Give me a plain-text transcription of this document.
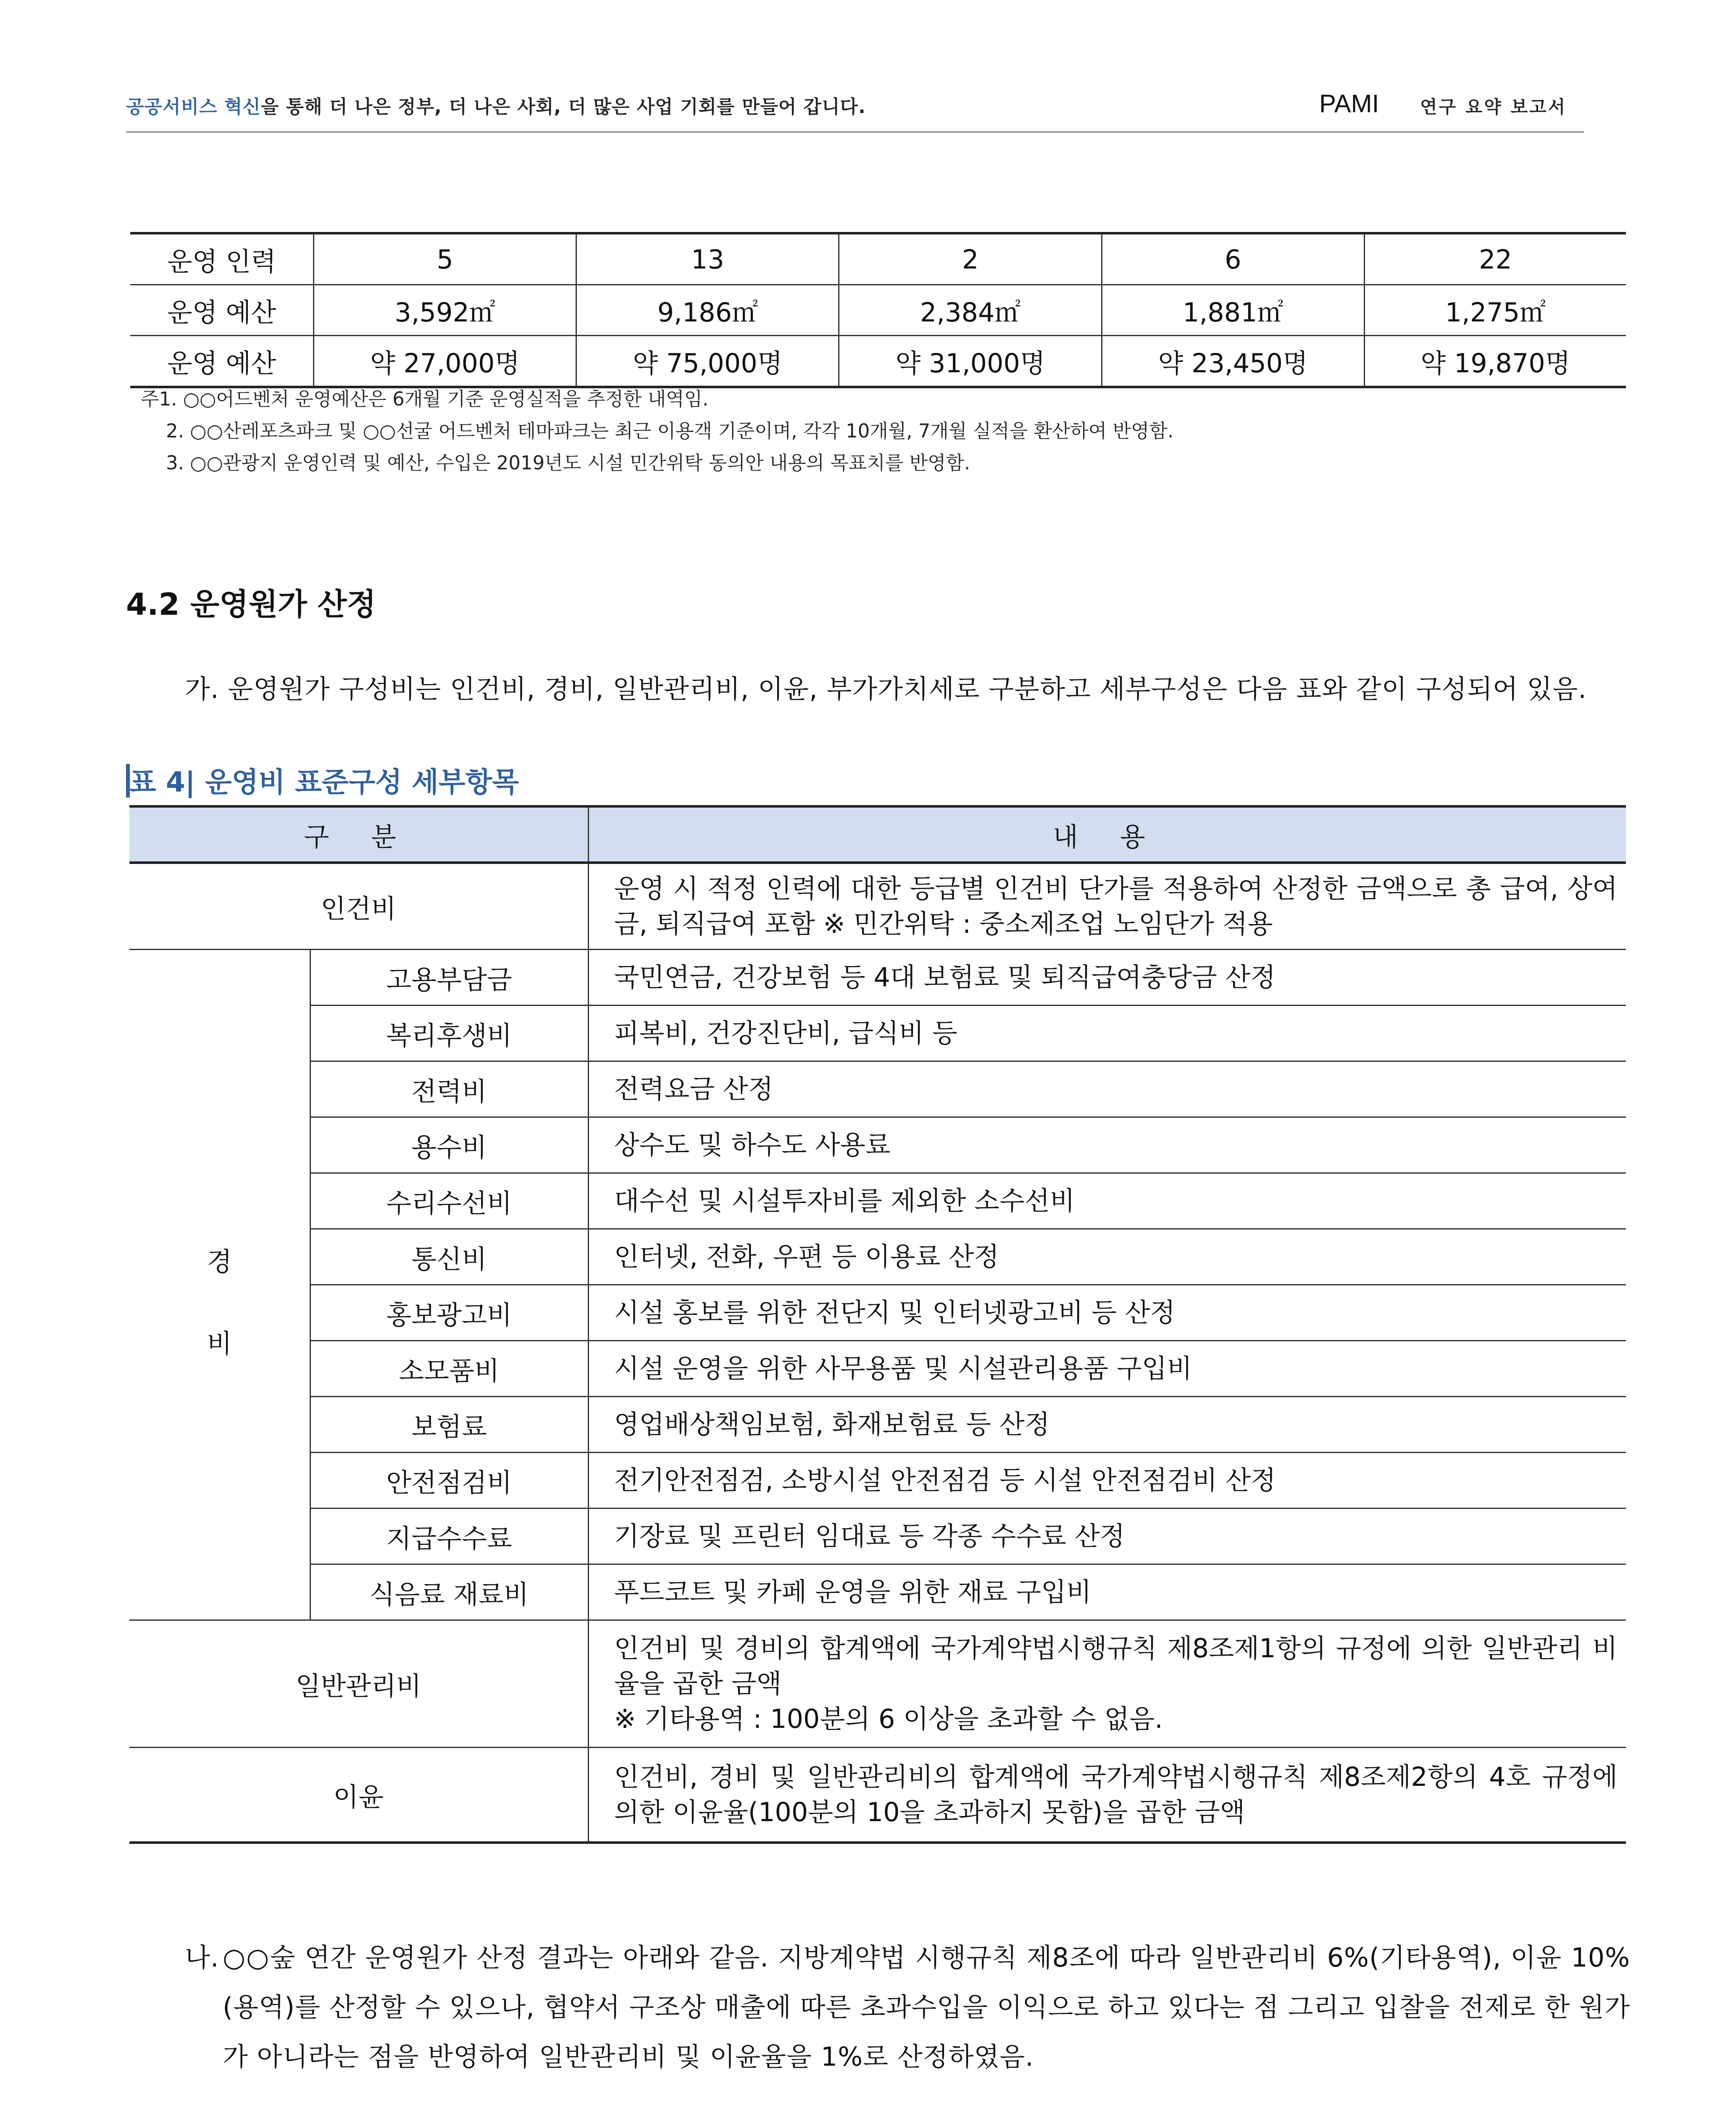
공공서비스 혁신을 통해 더 나은 정부, 더 나은 사회, 더 많은 사업 기회를 만들어 갑니다.	PAMI 연구 요약 보고서
운영 인력	5	13	2	6	22
운영 예산	3,592㎡	9,186㎡	2,384㎡	1,881㎡	1,275㎡
운영 예산	약 27,000명	약 75,000명	약 31,000명	약 23,450명	약 19,870명
주1. ○○어드벤처 운영예산은 6개월 기준 운영실적을 추정한 내역임.
2. ○○산레포츠파크 및 ○○선굴 어드벤처 테마파크는 최근 이용객 기준이며, 각각 10개월, 7개월 실적을 환산하여 반영함.
3. ○○관광지 운영인력 및 예산, 수입은 2019년도 시설 민간위탁 동의안 내용의 목표치를 반영함.
4.2 운영원가 산정
가. 운영원가 구성비는 인건비, 경비, 일반관리비, 이윤, 부가가치세로 구분하고 세부구성은 다음 표와 같이 구성되어 있음.
표 4| 운영비 표준구성 세부항목
구 분		내 용
인건비		운영 시 적정 인력에 대한 등급별 인건비 단가를 적용하여 산정한 금액으로 총 급여, 상여금, 퇴직급여 포함 ※ 민간위탁 : 중소제조업 노임단가 적용

경
비	고용부담금	국민연금, 건강보험 등 4대 보험료 및 퇴직급여충당금 산정
	복리후생비	피복비, 건강진단비, 급식비 등
	전력비	전력요금 산정
	용수비	상수도 및 하수도 사용료
	수리수선비	대수선 및 시설투자비를 제외한 소수선비
	통신비	인터넷, 전화, 우편 등 이용료 산정
	홍보광고비	시설 홍보를 위한 전단지 및 인터넷광고비 등 산정
	소모품비	시설 운영을 위한 사무용품 및 시설관리용품 구입비
	보험료	영업배상책임보험, 화재보험료 등 산정
	안전점검비	전기안전점검, 소방시설 안전점검 등 시설 안전점검비 산정
	지급수수료	기장료 및 프린터 임대료 등 각종 수수료 산정
	식음료 재료비	푸드코트 및 카페 운영을 위한 재료 구입비
일반관리비		인건비 및 경비의 합계액에 국가계약법시행규칙 제8조제1항의 규정에 의한 일반관리 비율을 곱한 금액
※ 기타용역 : 100분의 6 이상을 초과할 수 없음.

이윤		인건비, 경비 및 일반관리비의 합계액에 국가계약법시행규칙 제8조제2항의 4호 규정에 의한 이윤율(100분의 10을 초과하지 못함)을 곱한 금액
나. ○○숲 연간 운영원가 산정 결과는 아래와 같음. 지방계약법 시행규칙 제8조에 따라 일반관리비 6%(기타용역), 이윤 10%(용역)를 산정할 수 있으나, 협약서 구조상 매출에 따른 초과수입을 이익으로 하고 있다는 점 그리고 입찰을 전제로 한 원가가 아니라는 점을 반영하여 일반관리비 및 이윤율을 1%로 산정하였음.
